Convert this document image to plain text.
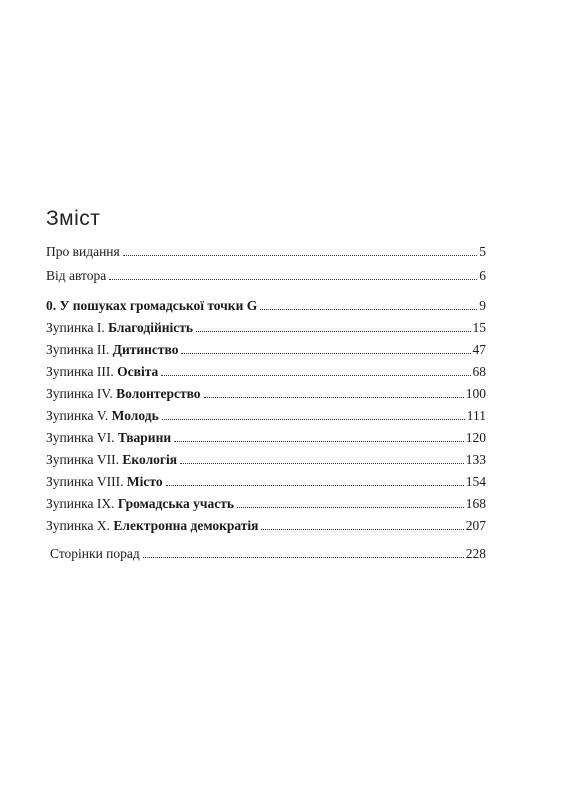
Зміст
Про видання	5
Від автора	6
0. У пошуках громадської точки G	9
Зупинка I. Благодійність	15
Зупинка II. Дитинство	47
Зупинка III. Освіта	68
Зупинка IV. Волонтерство	100
Зупинка V. Молодь	111
Зупинка VI. Тварини	120
Зупинка VII. Екологія	133
Зупинка VIII. Місто	154
Зупинка IX. Громадська участь	168
Зупинка X. Електронна демократія	207
Сторінки порад	228
